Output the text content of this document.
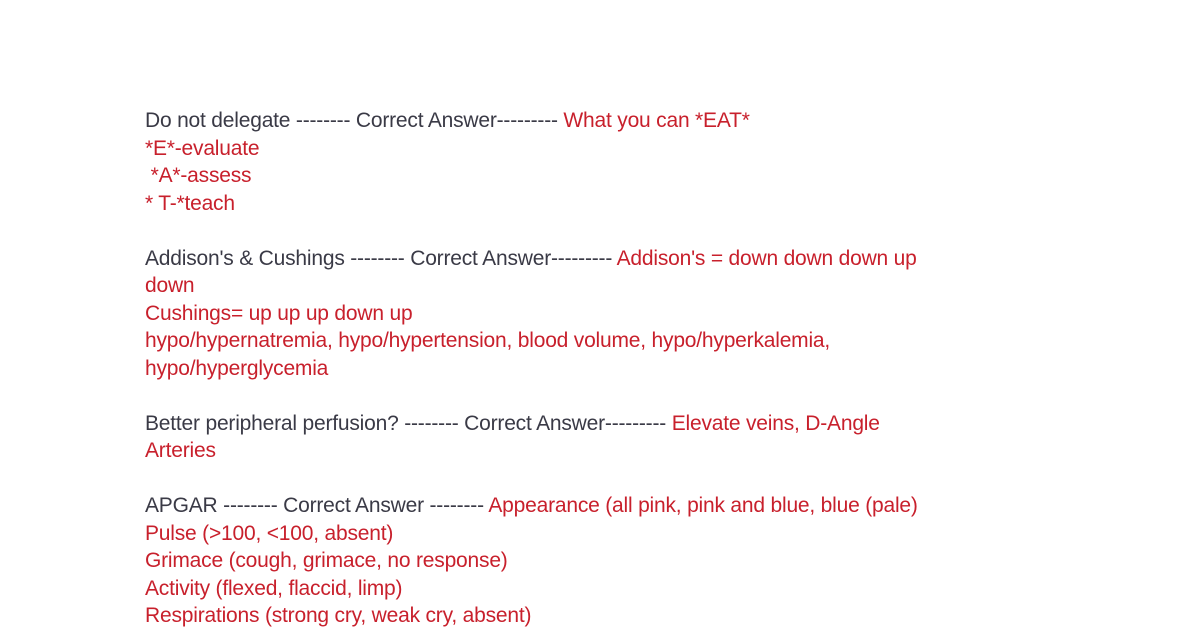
Do not delegate -------- Correct Answer--------- What you can *EAT*
*E*-evaluate
*A*-assess
* T-*teach
Addison's & Cushings -------- Correct Answer--------- Addison's = down down down up
down
Cushings= up up up down up
hypo/hypernatremia, hypo/hypertension, blood volume, hypo/hyperkalemia,
hypo/hyperglycemia
Better peripheral perfusion? -------- Correct Answer--------- Elevate veins, D-Angle
Arteries
APGAR -------- Correct Answer -------- Appearance (all pink, pink and blue, blue (pale)
Pulse (>100, <100, absent)
Grimace (cough, grimace, no response)
Activity (flexed, flaccid, limp)
Respirations (strong cry, weak cry, absent)
